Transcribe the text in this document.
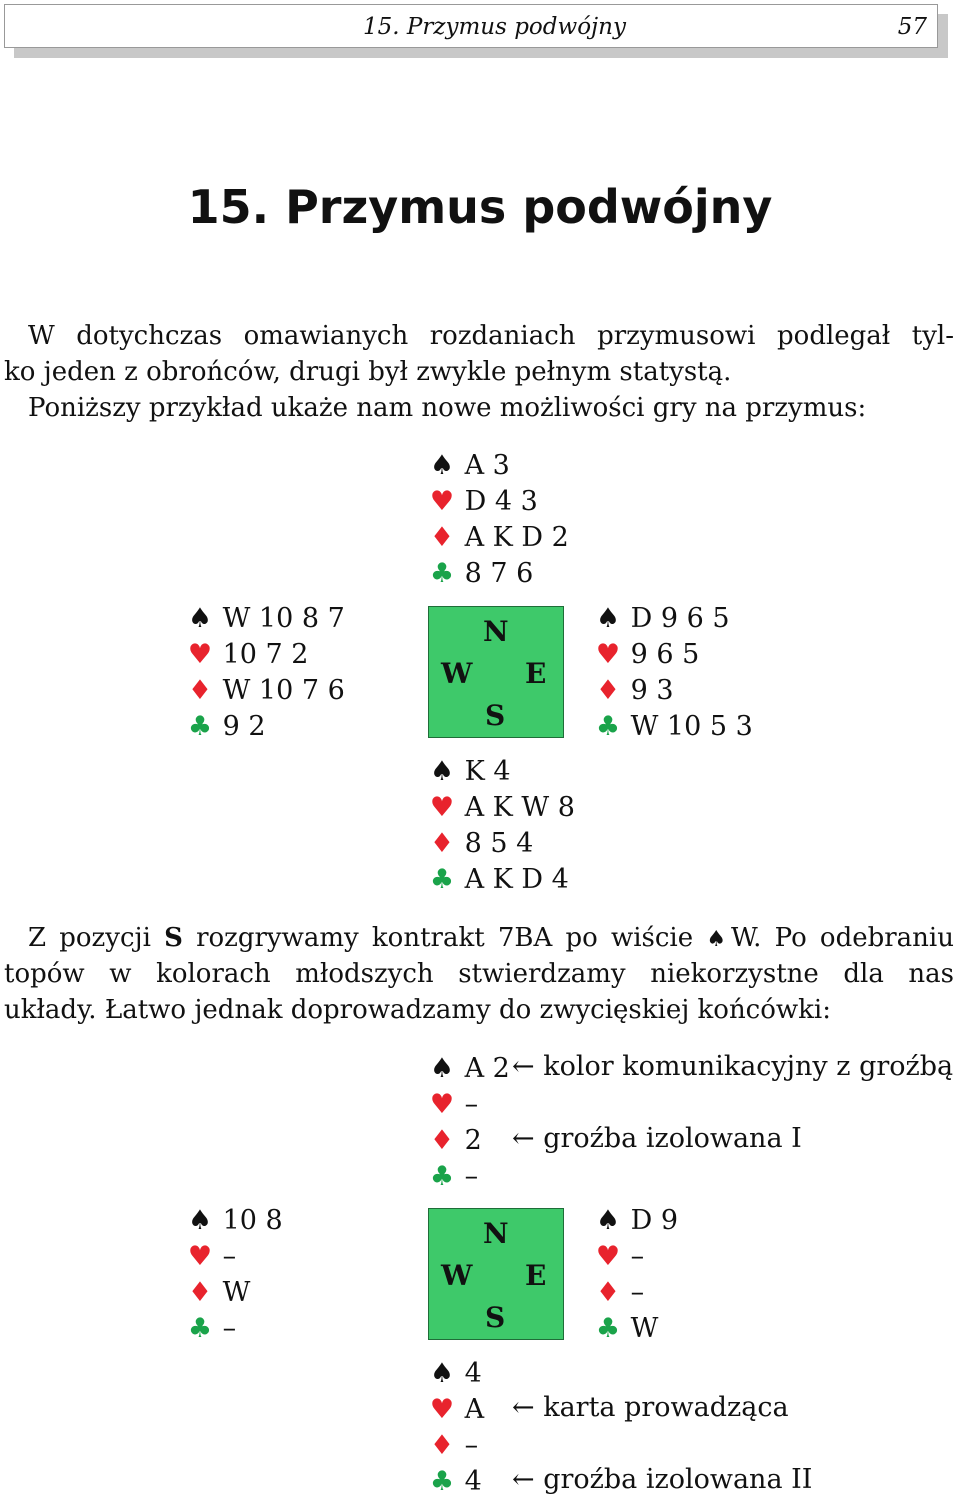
15. Przymus podwójny	57
15. Przymus podwójny
W dotychczas omawianych rozdaniach przymusowi podlegał tyl-
ko jeden z obrońców, drugi był zwykle pełnym statystą.
Poniższy przykład ukaże nam nowe możliwości gry na przymus:
♠ A 3
♥ D 4 3
♦ A K D 2
♣ 8 7 6
♠ W 10 8 7
♥ 10 7 2
♦ W 10 7 6
♣ 9 2
N
W E
S
♠ D 9 6 5
♥ 9 6 5
♦ 9 3
♣ W 10 5 3
♠ K 4
♥ A K W 8
♦ 8 5 4
♣ A K D 4
Z pozycji S rozgrywamy kontrakt 7BA po wiście ♠W. Po odebraniu
topów w kolorach młodszych stwierdzamy niekorzystne dla nas
układy. Łatwo jednak doprowadzamy do zwycięskiej końcówki:
♠ A 2
♥ –
♦ 2
♣ –
← kolor komunikacyjny z groźbą
← groźba izolowana I
♠ 10 8
♥ –
♦ W
♣ –
N
W E
S
♠ D 9
♥ –
♦ –
♣ W
♠ 4
♥ A
♦ –
♣ 4
← karta prowadząca
← groźba izolowana II
